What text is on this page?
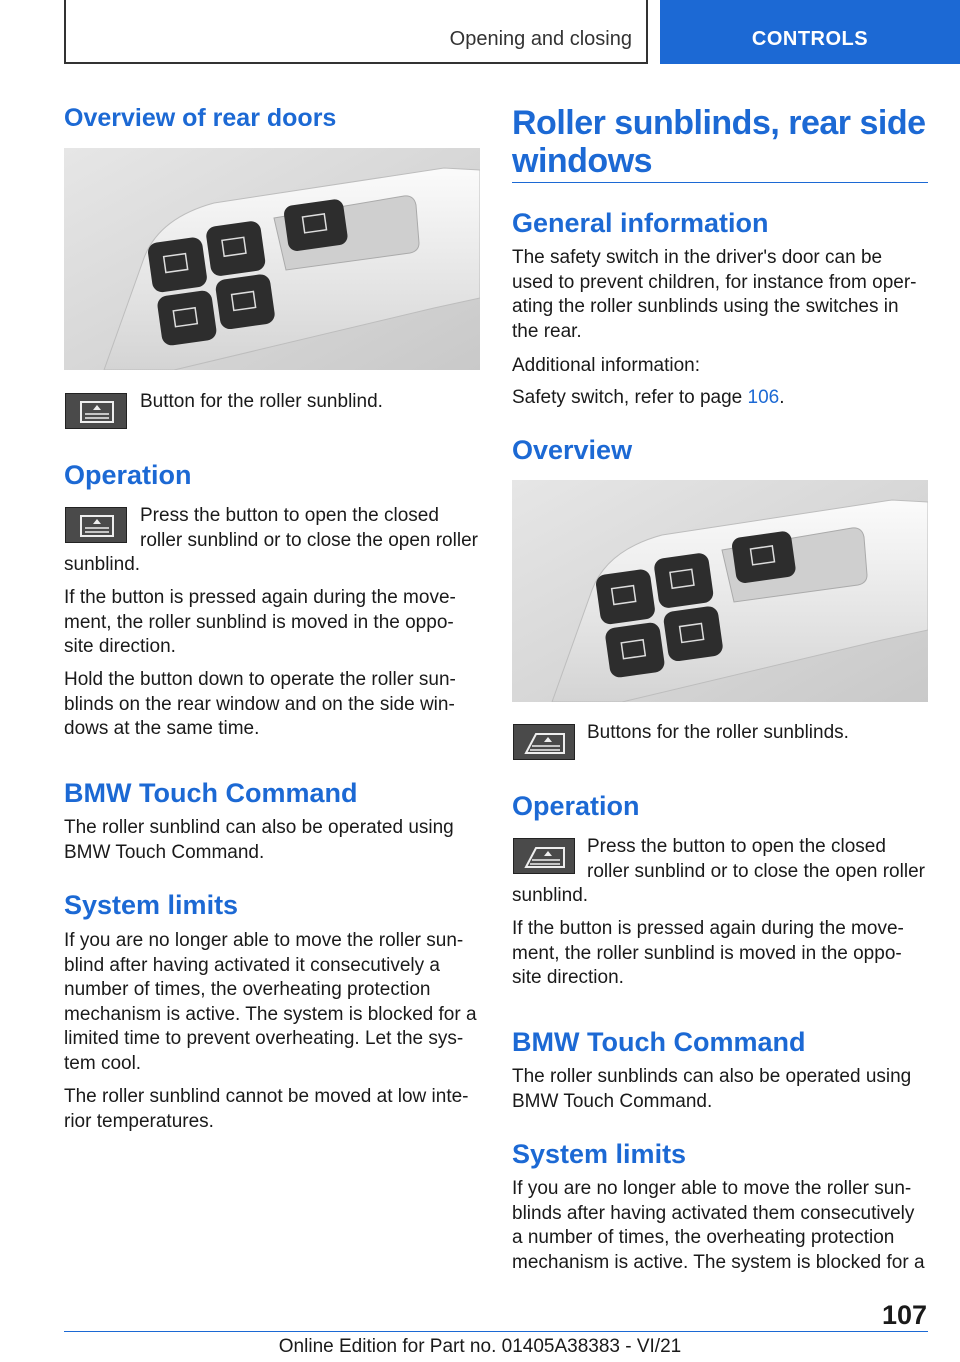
Opening and closing	CONTROLS
Overview of rear doors

Button for the roller sunblind.

Operation

Press the button to open the closed

roller sunblind or to close the open roller

sunblind.

If the button is pressed again during the move-
ment, the roller sunblind is moved in the oppo-
site direction.

Hold the button down to operate the roller sun-
blinds on the rear window and on the side win-
dows at the same time.

BMW Touch Command

The roller sunblind can also be operated using
BMW Touch Command.

System limits

If you are no longer able to move the roller sun-
blind after having activated it consecutively a
number of times, the overheating protection
mechanism is active. The system is blocked for a
limited time to prevent overheating. Let the sys-
tem cool.

The roller sunblind cannot be moved at low inte-
rior temperatures.

Roller sunblinds, rear side
windows
General information

The safety switch in the driver's door can be
used to prevent children, for instance from oper-
ating the roller sunblinds using the switches in
the rear.

Additional information:

Safety switch, refer to page 106.

Overview

Buttons for the roller sunblinds.

Operation

Press the button to open the closed

roller sunblind or to close the open roller

sunblind.

If the button is pressed again during the move-
ment, the roller sunblind is moved in the oppo-
site direction.

BMW Touch Command

The roller sunblinds can also be operated using
BMW Touch Command.

System limits

If you are no longer able to move the roller sun-
blinds after having activated them consecutively
a number of times, the overheating protection
mechanism is active. The system is blocked for a

107
Online Edition for Part no. 01405A38383 - VI/21
